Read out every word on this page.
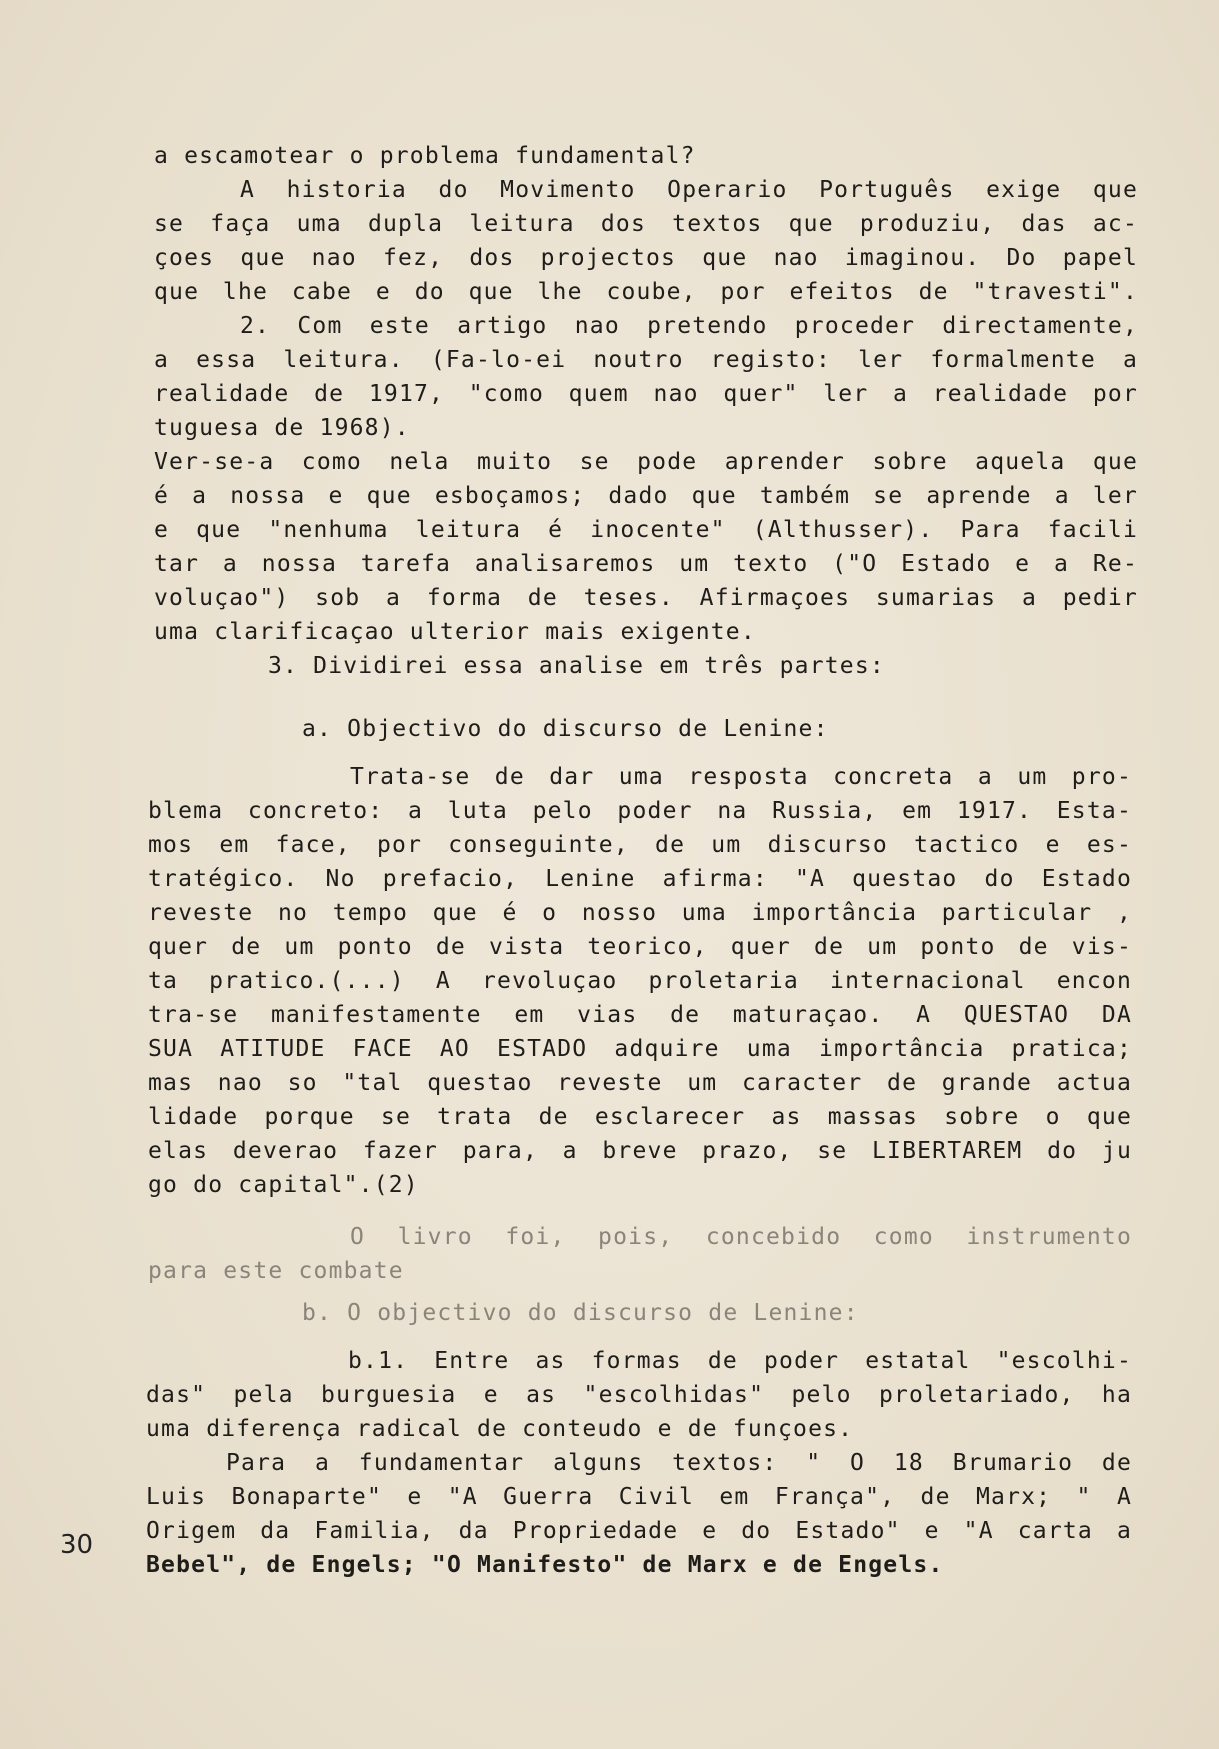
a escamotear o problema fundamental?

A historia do Movimento Operario Português exige que

se faça uma dupla leitura dos textos que produziu, das ac-

çoes que nao fez, dos projectos que nao imaginou. Do papel

que lhe cabe e do que lhe coube, por efeitos de "travesti".

2. Com este artigo nao pretendo proceder directamente,

a essa leitura. (Fa-lo-ei noutro registo: ler formalmente a

realidade de 1917, "como quem nao quer" ler a realidade por

tuguesa de 1968).

Ver-se-a como nela muito se pode aprender sobre aquela que

é a nossa e que esboçamos; dado que também se aprende a ler

e que "nenhuma leitura é inocente" (Althusser). Para facili

tar a nossa tarefa analisaremos um texto ("O Estado e a Re-

voluçao") sob a forma de teses. Afirmaçoes sumarias a pedir

uma clarificaçao ulterior mais exigente.

3. Dividirei essa analise em três partes:

a. Objectivo do discurso de Lenine:

Trata-se de dar uma resposta concreta a um pro-

blema concreto: a luta pelo poder na Russia, em 1917. Esta-

mos em face, por conseguinte, de um discurso tactico e es-

tratégico. No prefacio, Lenine afirma: "A questao do Estado

reveste no tempo que é o nosso uma importância particular ,

quer de um ponto de vista teorico, quer de um ponto de vis-

ta pratico.(...) A revoluçao proletaria internacional encon

tra-se manifestamente em vias de maturaçao. A QUESTAO DA

SUA ATITUDE FACE AO ESTADO adquire uma importância pratica;

mas nao so "tal questao reveste um caracter de grande actua

lidade porque se trata de esclarecer as massas sobre o que

elas deverao fazer para, a breve prazo, se LIBERTAREM do ju

go do capital".(2)

O livro foi, pois, concebido como instrumento

para este combate

b. O objectivo do discurso de Lenine:

b.1. Entre as formas de poder estatal "escolhi-

das" pela burguesia e as "escolhidas" pelo proletariado, ha

uma diferença radical de conteudo e de funçoes.

Para a fundamentar alguns textos: " O 18 Brumario de

Luis Bonaparte" e "A Guerra Civil em França", de Marx; " A

Origem da Familia, da Propriedade e do Estado" e "A carta a

Bebel", de Engels; "O Manifesto" de Marx e de Engels.

30
